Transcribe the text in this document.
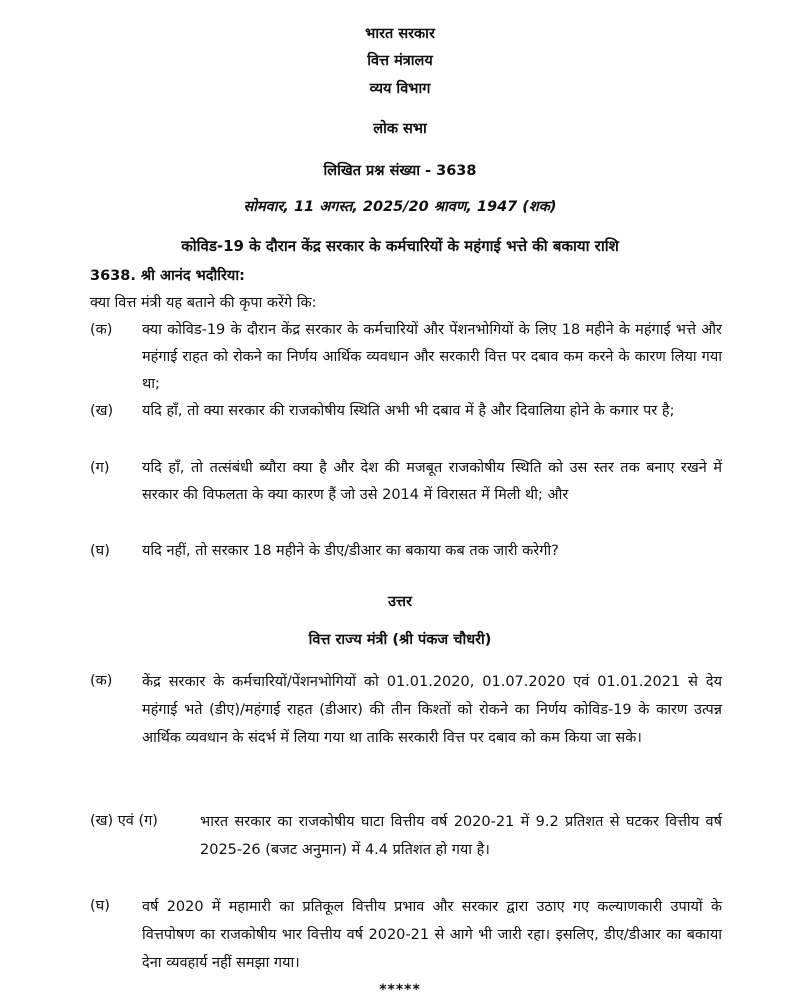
भारत सरकार
वित्त मंत्रालय
व्यय विभाग
लोक सभा
लिखित प्रश्न संख्या - 3638
सोमवार, 11 अगस्त, 2025/20 श्रावण, 1947 (शक)
कोविड-19 के दौरान केंद्र सरकार के कर्मचारियों के महंगाई भत्ते की बकाया राशि
3638. श्री आनंद भदौरिया:
क्या वित्त मंत्री यह बताने की कृपा करेंगे कि:
(क) क्या कोविड-19 के दौरान केंद्र सरकार के कर्मचारियों और पेंशनभोगियों के लिए 18 महीने के महंगाई भत्ते और महंगाई राहत को रोकने का निर्णय आर्थिक व्यवधान और सरकारी वित्त पर दबाव कम करने के कारण लिया गया था;
(ख) यदि हाँ, तो क्या सरकार की राजकोषीय स्थिति अभी भी दबाव में है और दिवालिया होने के कगार पर है;
(ग) यदि हाँ, तो तत्संबंधी ब्यौरा क्या है और देश की मजबूत राजकोषीय स्थिति को उस स्तर तक बनाए रखने में सरकार की विफलता के क्या कारण हैं जो उसे 2014 में विरासत में मिली थी; और
(घ) यदि नहीं, तो सरकार 18 महीने के डीए/डीआर का बकाया कब तक जारी करेगी?
उत्तर
वित्त राज्य मंत्री (श्री पंकज चौधरी)
(क) केंद्र सरकार के कर्मचारियों/पेंशनभोगियों को 01.01.2020, 01.07.2020 एवं 01.01.2021 से देय महंगाई भते (डीए)/महंगाई राहत (डीआर) की तीन किश्तों को रोकने का निर्णय कोविड-19 के कारण उत्पन्न आर्थिक व्यवधान के संदर्भ में लिया गया था ताकि सरकारी वित्त पर दबाव को कम किया जा सके।
(ख) एवं (ग)	भारत सरकार का राजकोषीय घाटा वित्तीय वर्ष 2020-21 में 9.2 प्रतिशत से घटकर वित्तीय वर्ष 2025-26 (बजट अनुमान) में 4.4 प्रतिशत हो गया है।
(घ) वर्ष 2020 में महामारी का प्रतिकूल वित्तीय प्रभाव और सरकार द्वारा उठाए गए कल्याणकारी उपायों के वित्तपोषण का राजकोषीय भार वित्तीय वर्ष 2020-21 से आगे भी जारी रहा। इसलिए, डीए/डीआर का बकाया देना व्यवहार्य नहीं समझा गया।
*****
